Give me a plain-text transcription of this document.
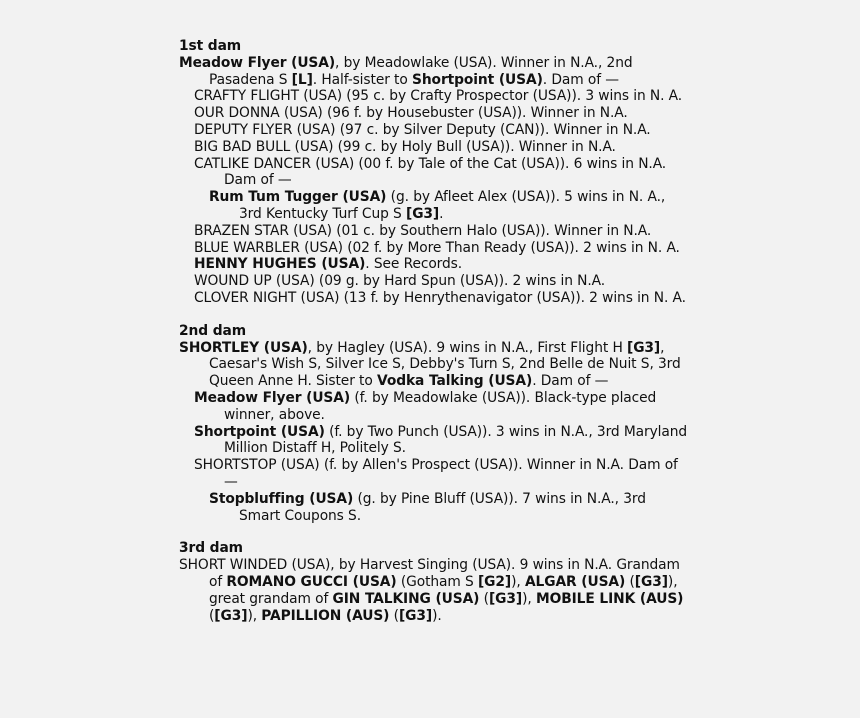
1st dam
Meadow Flyer (USA), by Meadowlake (USA). Winner in N.A., 2nd Pasadena S [L]. Half-sister to Shortpoint (USA). Dam of —
CRAFTY FLIGHT (USA) (95 c. by Crafty Prospector (USA)). 3 wins in N. A.
OUR DONNA (USA) (96 f. by Housebuster (USA)). Winner in N.A.
DEPUTY FLYER (USA) (97 c. by Silver Deputy (CAN)). Winner in N.A.
BIG BAD BULL (USA) (99 c. by Holy Bull (USA)). Winner in N.A.
CATLIKE DANCER (USA) (00 f. by Tale of the Cat (USA)). 6 wins in N.A. Dam of —
Rum Tum Tugger (USA) (g. by Afleet Alex (USA)). 5 wins in N. A., 3rd Kentucky Turf Cup S [G3].
BRAZEN STAR (USA) (01 c. by Southern Halo (USA)). Winner in N.A.
BLUE WARBLER (USA) (02 f. by More Than Ready (USA)). 2 wins in N. A.
HENNY HUGHES (USA). See Records.
WOUND UP (USA) (09 g. by Hard Spun (USA)). 2 wins in N.A.
CLOVER NIGHT (USA) (13 f. by Henrythenavigator (USA)). 2 wins in N. A.
2nd dam
SHORTLEY (USA), by Hagley (USA). 9 wins in N.A., First Flight H [G3], Caesar's Wish S, Silver Ice S, Debby's Turn S, 2nd Belle de Nuit S, 3rd Queen Anne H. Sister to Vodka Talking (USA). Dam of —
Meadow Flyer (USA) (f. by Meadowlake (USA)). Black-type placed winner, above.
Shortpoint (USA) (f. by Two Punch (USA)). 3 wins in N.A., 3rd Maryland Million Distaff H, Politely S.
SHORTSTOP (USA) (f. by Allen's Prospect (USA)). Winner in N.A. Dam of —
Stopbluffing (USA) (g. by Pine Bluff (USA)). 7 wins in N.A., 3rd Smart Coupons S.
3rd dam
SHORT WINDED (USA), by Harvest Singing (USA). 9 wins in N.A. Grandam of ROMANO GUCCI (USA) (Gotham S [G2]), ALGAR (USA) ([G3]), great grandam of GIN TALKING (USA) ([G3]), MOBILE LINK (AUS) ([G3]), PAPILLION (AUS) ([G3]).
